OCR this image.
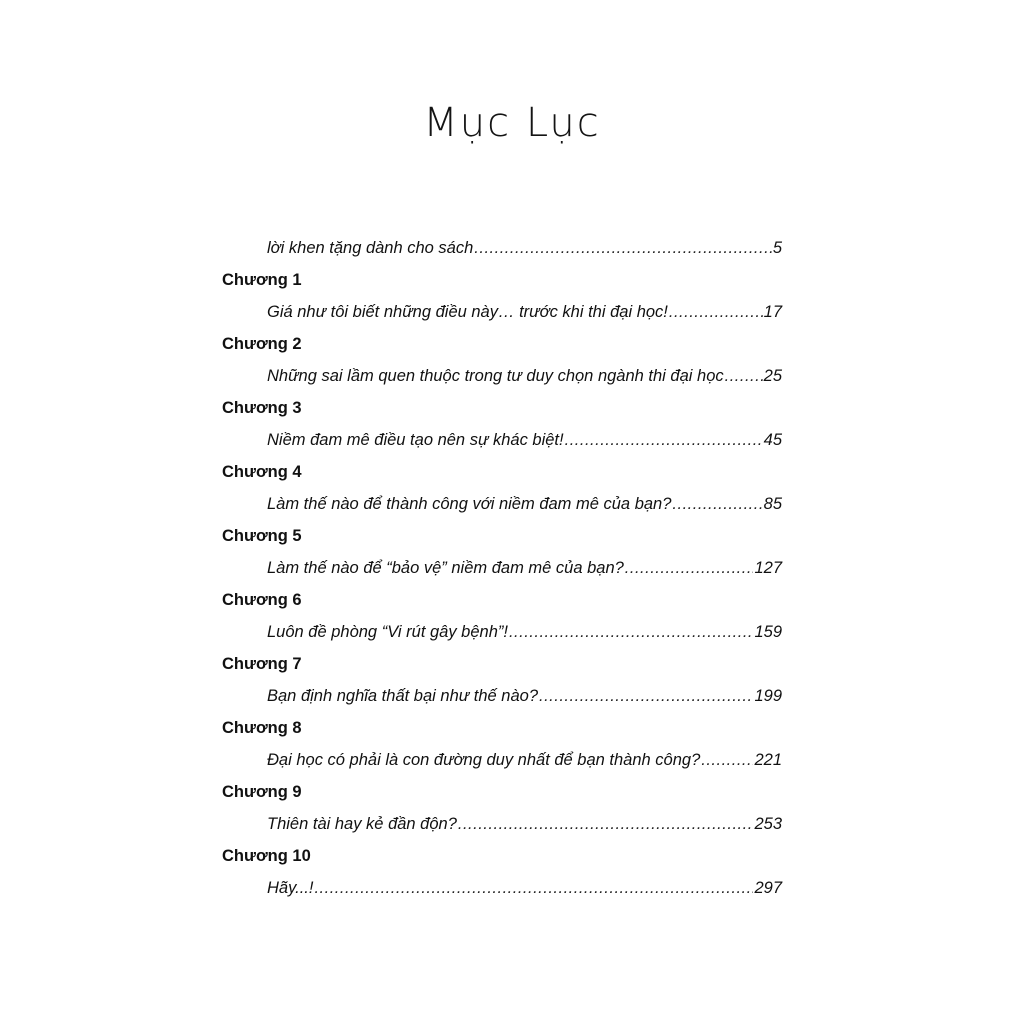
Mục Lục
lời khen tặng dành cho sách .....	5
Chương 1
Giá như tôi biết những điều này… trước khi thi đại học! .....	17
Chương 2
Những sai lầm quen thuộc trong tư duy chọn ngành thi đại học ..... 25
Chương 3
Niềm đam mê điều tạo nên sự khác biệt! .....	45
Chương 4
Làm thế nào để thành công với niềm đam mê của bạn? .....	85
Chương 5
Làm thế nào để “bảo vệ” niềm đam mê của bạn? .....	127
Chương 6
Luôn đề phòng “Vi rút gây bệnh”! .....	159
Chương 7
Bạn định nghĩa thất bại như thế nào? .....	199
Chương 8
Đại học có phải là con đường duy nhất để bạn thành công? .....	221
Chương 9
Thiên tài hay kẻ đần độn? .....	253
Chương 10
Hãy...! .....	297
